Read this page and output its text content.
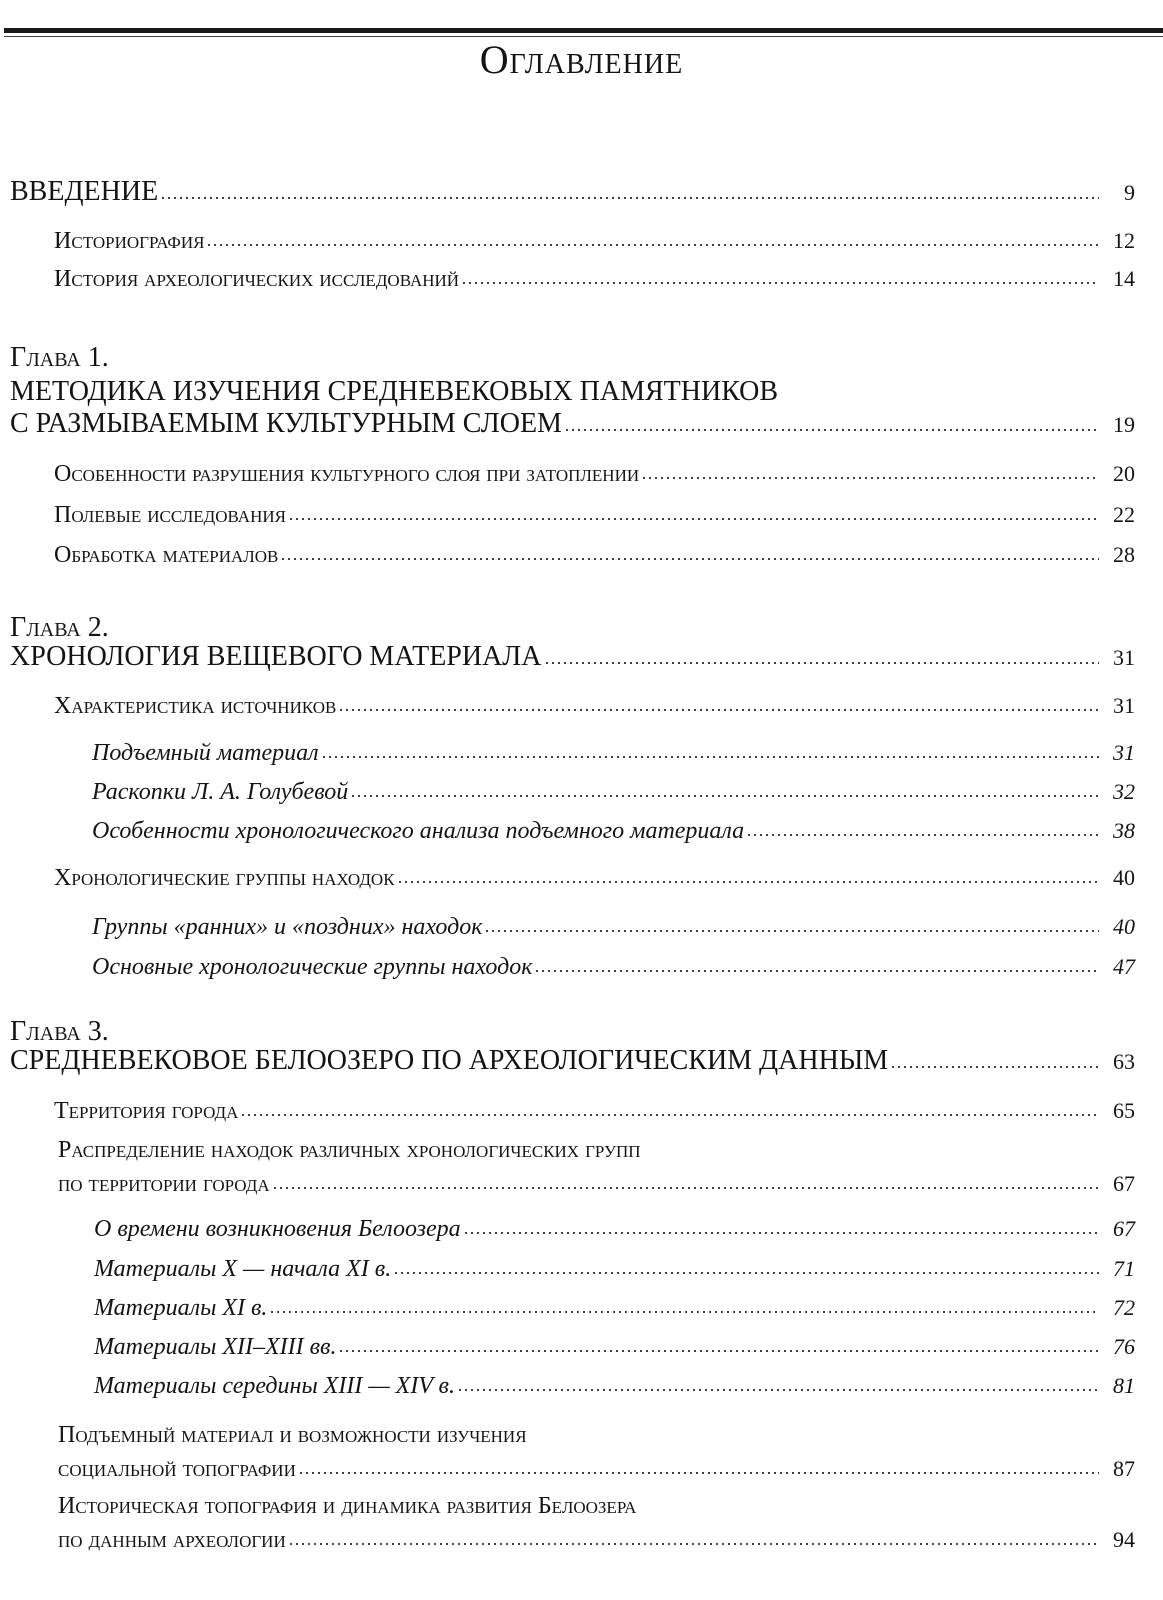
Оглавление
ВВЕДЕНИЕ	9
Историография	12
История археологических исследований	14
Глава 1.
МЕТОДИКА ИЗУЧЕНИЯ СРЕДНЕВЕКОВЫХ ПАМЯТНИКОВ
С РАЗМЫВАЕМЫМ КУЛЬТУРНЫМ СЛОЕМ	19
Особенности разрушения культурного слоя при затоплении	20
Полевые исследования	22
Обработка материалов	28
Глава 2.
ХРОНОЛОГИЯ ВЕЩЕВОГО МАТЕРИАЛА	31
Характеристика источников	31
Подъемный материал	31
Раскопки Л. А. Голубевой	32
Особенности хронологического анализа подъемного материала	38
Хронологические группы находок	40
Группы «ранних» и «поздних» находок	40
Основные хронологические группы находок	47
Глава 3.
СРЕДНЕВЕКОВОЕ БЕЛООЗЕРО ПО АРХЕОЛОГИЧЕСКИМ ДАННЫМ	63
Территория города	65
Распределение находок различных хронологических групп
по территории города	67
О времени возникновения Белоозера	67
Материалы X — начала XI в.	71
Материалы XI в.	72
Материалы XII–XIII вв.	76
Материалы середины XIII — XIV в.	81
Подъемный материал и возможности изучения
социальной топографии	87
Историческая топография и динамика развития Белоозера
по данным археологии	94
